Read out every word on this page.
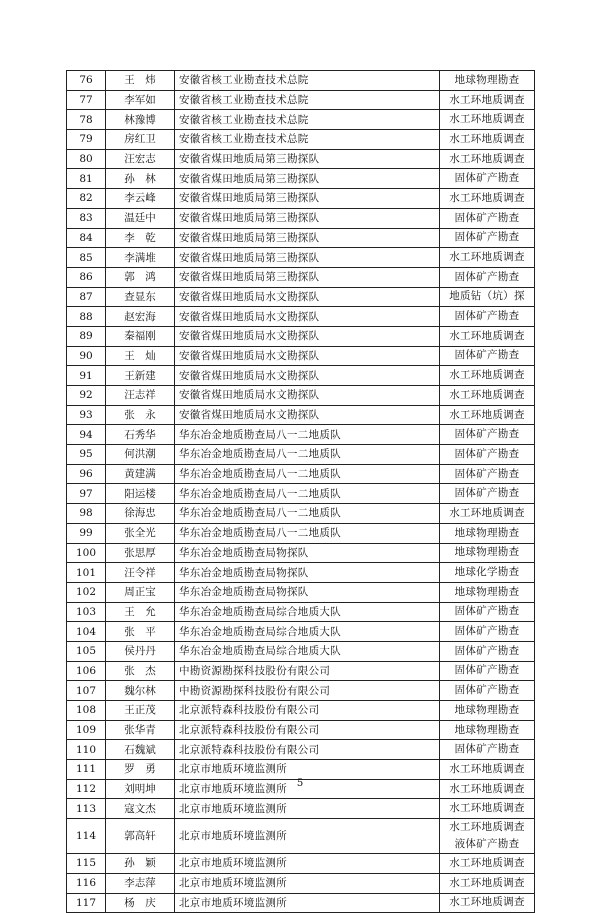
76	王　炜	安徽省核工业勘查技术总院	地球物理勘查

77	李军如	安徽省核工业勘查技术总院	水工环地质调查

78	林豫博	安徽省核工业勘查技术总院	水工环地质调查

79	房红卫	安徽省核工业勘查技术总院	水工环地质调查

80	汪宏志	安徽省煤田地质局第三勘探队	水工环地质调查

81	孙　林	安徽省煤田地质局第三勘探队	固体矿产勘查

82	李云峰	安徽省煤田地质局第三勘探队	水工环地质调查

83	温廷中	安徽省煤田地质局第三勘探队	固体矿产勘查

84	李　乾	安徽省煤田地质局第三勘探队	固体矿产勘查

85	李满堆	安徽省煤田地质局第三勘探队	水工环地质调查

86	郭　鸿	安徽省煤田地质局第三勘探队	固体矿产勘查

87	查显东	安徽省煤田地质局水文勘探队	地质钻（坑）探

88	赵宏海	安徽省煤田地质局水文勘探队	固体矿产勘查

89	秦福刚	安徽省煤田地质局水文勘探队	水工环地质调查

90	王　灿	安徽省煤田地质局水文勘探队	固体矿产勘查

91	王新建	安徽省煤田地质局水文勘探队	水工环地质调查

92	汪志祥	安徽省煤田地质局水文勘探队	水工环地质调查

93	张　永	安徽省煤田地质局水文勘探队	水工环地质调查

94	石秀华	华东冶金地质勘查局八一二地质队	固体矿产勘查

95	何洪潮	华东冶金地质勘查局八一二地质队	固体矿产勘查

96	黄建满	华东冶金地质勘查局八一二地质队	固体矿产勘查

97	阳运楼	华东冶金地质勘查局八一二地质队	固体矿产勘查

98	徐海忠	华东冶金地质勘查局八一二地质队	水工环地质调查

99	张全光	华东冶金地质勘查局八一二地质队	地球物理勘查

100	张思厚	华东冶金地质勘查局物探队	地球物理勘查

101	汪令祥	华东冶金地质勘查局物探队	地球化学勘查

102	周正宝	华东冶金地质勘查局物探队	地球物理勘查

103	王　允	华东冶金地质勘查局综合地质大队	固体矿产勘查

104	张　平	华东冶金地质勘查局综合地质大队	固体矿产勘查

105	侯丹丹	华东冶金地质勘查局综合地质大队	固体矿产勘查

106	张　杰	中勘资源勘探科技股份有限公司	固体矿产勘查

107	魏尔林	中勘资源勘探科技股份有限公司	固体矿产勘查

108	王正茂	北京派特森科技股份有限公司	地球物理勘查

109	张华青	北京派特森科技股份有限公司	地球物理勘查

110	石魏斌	北京派特森科技股份有限公司	固体矿产勘查

111	罗　勇	北京市地质环境监测所	水工环地质调查

112	刘明坤	北京市地质环境监测所	水工环地质调查

113	寇文杰	北京市地质环境监测所	水工环地质调查

114	郭高轩	北京市地质环境监测所	水工环地质调查
液体矿产勘查

115	孙　颖	北京市地质环境监测所	水工环地质调查

116	李志萍	北京市地质环境监测所	水工环地质调查

117	杨　庆	北京市地质环境监测所	水工环地质调查
5
